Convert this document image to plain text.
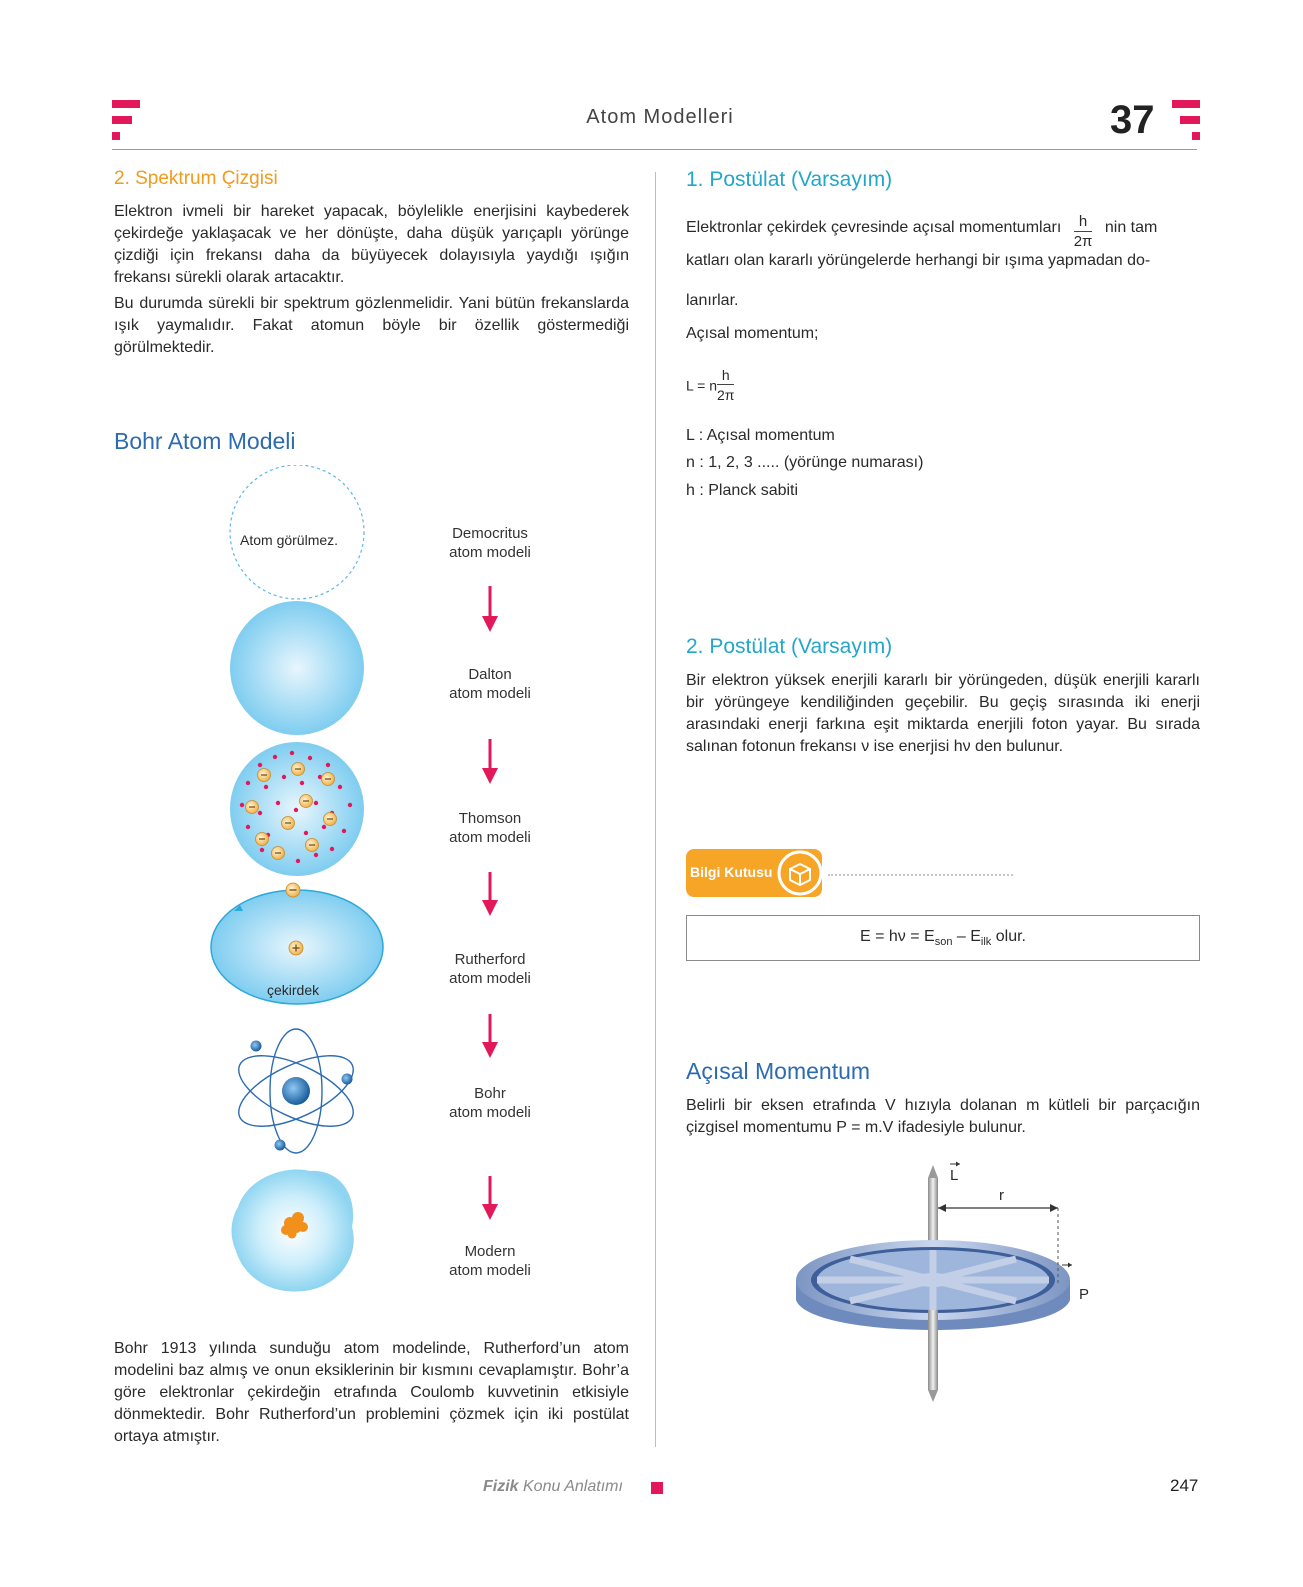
Atom Modelleri	37
2. Spektrum Çizgisi
Elektron ivmeli bir hareket yapacak, böylelikle enerjisini kaybederek çekirdeğe yaklaşacak ve her dönüşte, daha düşük yarıçaplı yörünge çizdiği için frekansı daha da büyüyecek dolayısıyla yaydığı ışığın frekansı sürekli olarak artacaktır.
Bu durumda sürekli bir spektrum gözlenmelidir. Yani bütün frekanslarda ışık yaymalıdır. Fakat atomun böyle bir özellik göstermediği görülmektedir.
Bohr Atom Modeli
Atom görülmez.
çekirdek
Democritus
atom modeli
Dalton
atom modeli
Thomson
atom modeli
Rutherford
atom modeli
Bohr
atom modeli
Modern
atom modeli
Bohr 1913 yılında sunduğu atom modelinde, Rutherford’un atom modelini baz almış ve onun eksiklerinin bir kısmını cevaplamıştır. Bohr’a göre elektronlar çekirdeğin etrafında Coulomb kuvvetinin etkisiyle dönmektedir. Bohr Rutherford’un problemini çözmek için iki postülat ortaya atmıştır.
1. Postülat (Varsayım)
Elektronlar çekirdek çevresinde açısal momentumları $\frac{h}{2\pi}$ nin tam
katları olan kararlı yörüngelerde herhangi bir ışıma yapmadan do-
lanırlar.
Açısal momentum;
L = n $\frac{h}{2\pi}$
L : Açısal momentum
n : 1, 2, 3 ..... (yörünge numarası)
h : Planck sabiti
2. Postülat (Varsayım)
Bir elektron yüksek enerjili kararlı bir yörüngeden, düşük enerjili kararlı bir yörüngeye kendiliğinden geçebilir. Bu geçiş sırasında iki enerji arasındaki enerji farkına eşit miktarda enerjili foton yayar. Bu sırada salınan fotonun frekansı ν ise enerjisi hν den bulunur.
Bilgi Kutusu
$E = h\nu = E_{son} - E_{ilk}$ olur.
Açısal Momentum
Belirli bir eksen etrafında V hızıyla dolanan m kütleli bir parçacığın çizgisel momentumu P = m.V ifadesiyle bulunur.
L
r
P
Fizik Konu Anlatımı	247
